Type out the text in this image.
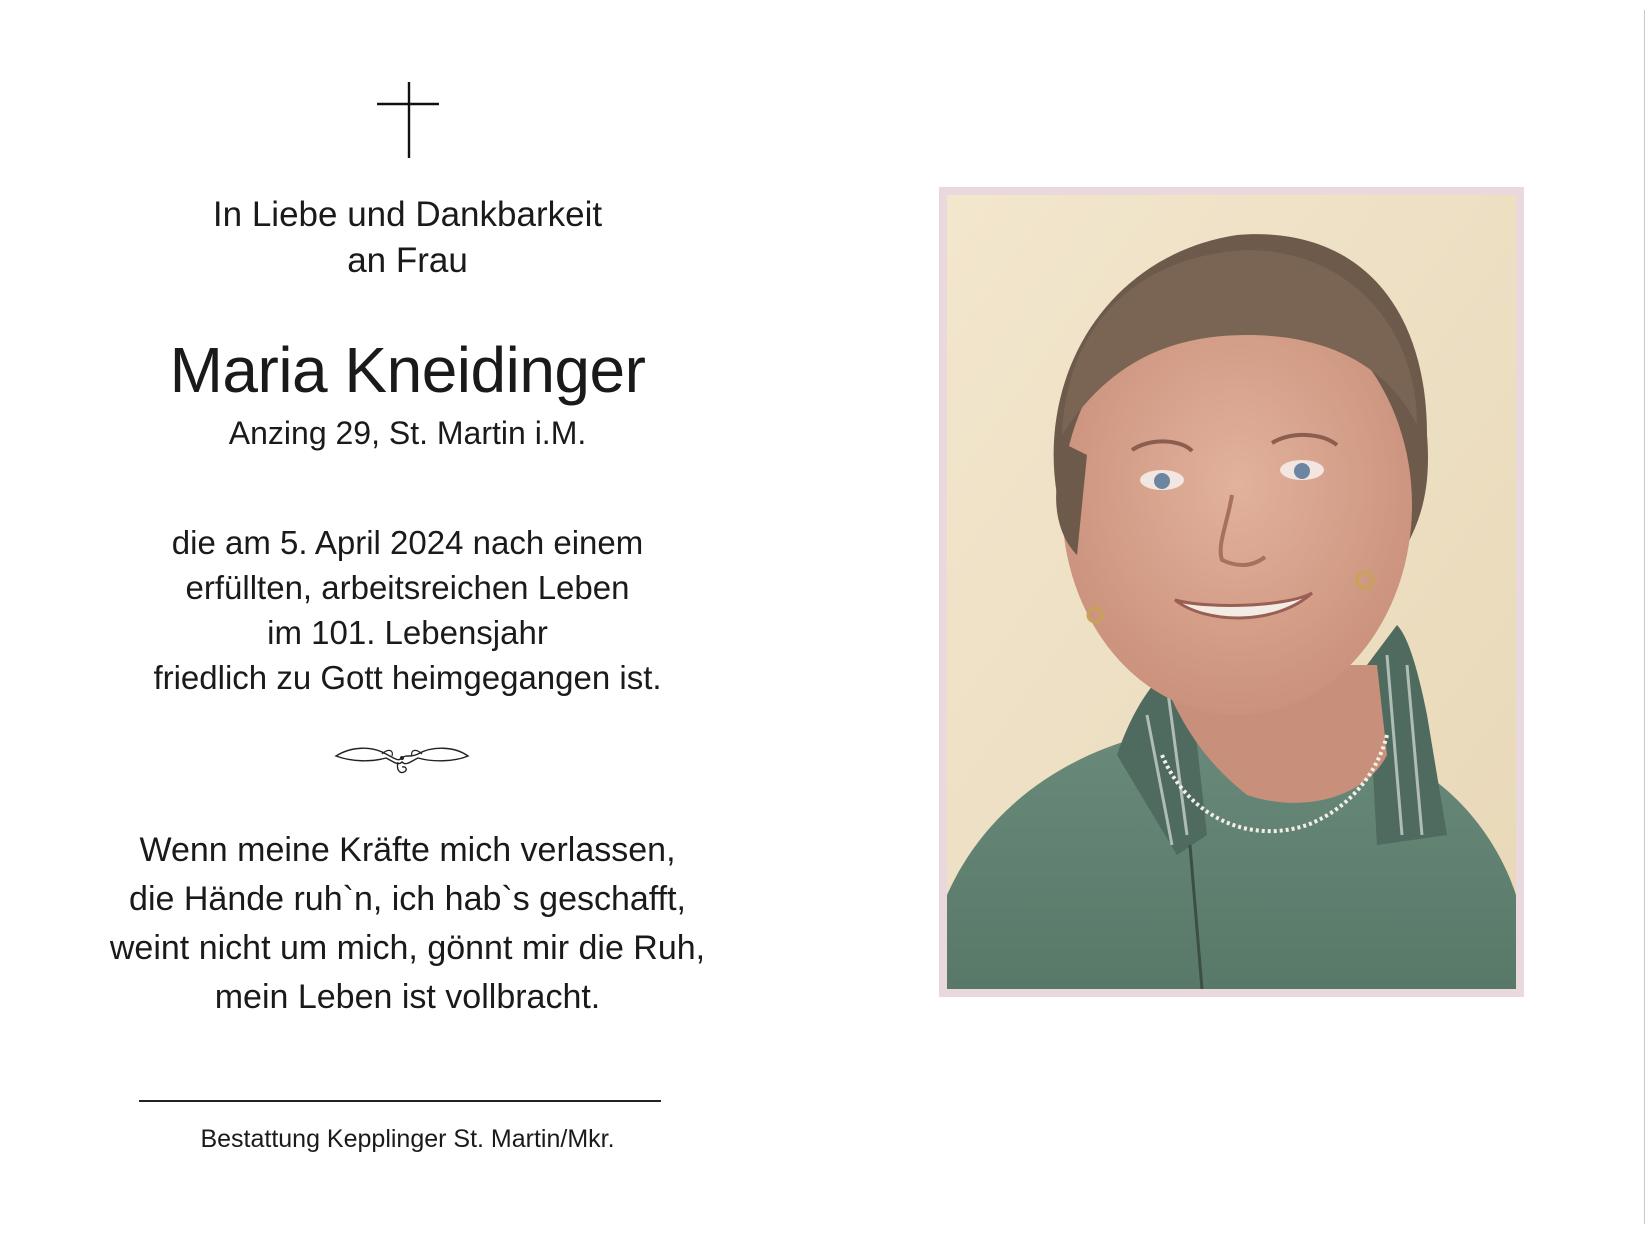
In Liebe und Dankbarkeit
an Frau
Maria Kneidinger
Anzing 29, St. Martin i.M.
die am 5. April 2024 nach einem
erfüllten, arbeitsreichen Leben
im 101. Lebensjahr
friedlich zu Gott heimgegangen ist.
Wenn meine Kräfte mich verlassen,
die Hände ruh`n, ich hab`s geschafft,
weint nicht um mich, gönnt mir die Ruh,
mein Leben ist vollbracht.
Bestattung Kepplinger St. Martin/Mkr.
